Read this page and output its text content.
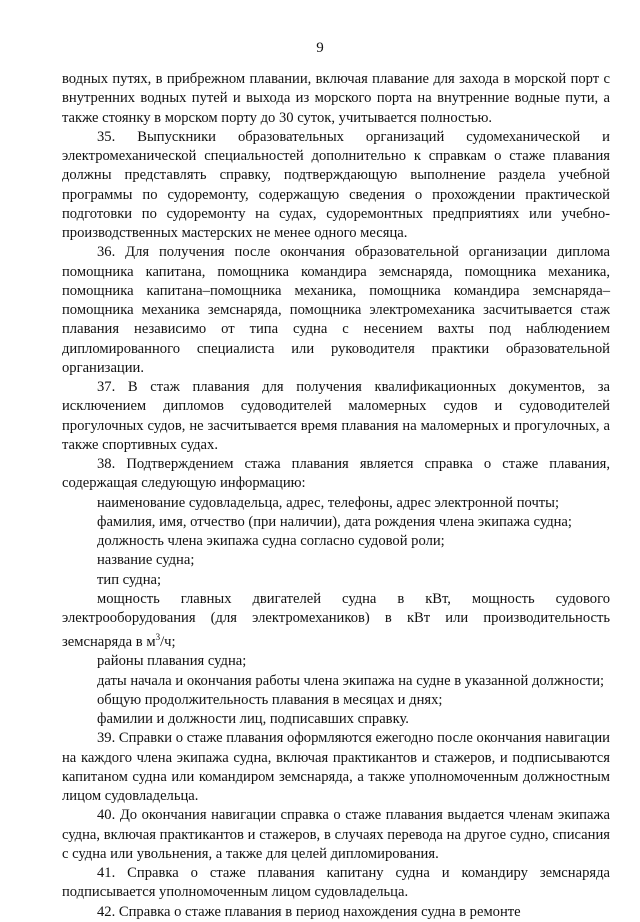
9

водных путях, в прибрежном плавании, включая плавание для захода в морской порт с внутренних водных путей и выхода из морского порта на внутренние водные пути, а также стоянку в морском порту до 30 суток, учитывается полностью.

35. Выпускники образовательных организаций судомеханической и электромеханической специальностей дополнительно к справкам о стаже плавания должны представлять справку, подтверждающую выполнение раздела учебной программы по судоремонту, содержащую сведения о прохождении практической подготовки по судоремонту на судах, судоремонтных предприятиях или учебно-производственных мастерских не менее одного месяца.

36. Для получения после окончания образовательной организации диплома помощника капитана, помощника командира земснаряда, помощника механика, помощника капитана–помощника механика, помощника командира земснаряда–помощника механика земснаряда, помощника электромеханика засчитывается стаж плавания независимо от типа судна с несением вахты под наблюдением дипломированного специалиста или руководителя практики образовательной организации.

37. В стаж плавания для получения квалификационных документов, за исключением дипломов судоводителей маломерных судов и судоводителей прогулочных судов, не засчитывается время плавания на маломерных и прогулочных, а также спортивных судах.

38. Подтверждением стажа плавания является справка о стаже плавания, содержащая следующую информацию:

наименование судовладельца, адрес, телефоны, адрес электронной почты;

фамилия, имя, отчество (при наличии), дата рождения члена экипажа судна;

должность члена экипажа судна согласно судовой роли;

название судна;

тип судна;

мощность главных двигателей судна в кВт, мощность судового электрооборудования (для электромехаников) в кВт или производительность земснаряда в $м^3/ч$;

районы плавания судна;

даты начала и окончания работы члена экипажа на судне в указанной должности;

общую продолжительность плавания в месяцах и днях;

фамилии и должности лиц, подписавших справку.

39. Справки о стаже плавания оформляются ежегодно после окончания навигации на каждого члена экипажа судна, включая практикантов и стажеров, и подписываются капитаном судна или командиром земснаряда, а также уполномоченным должностным лицом судовладельца.

40. До окончания навигации справка о стаже плавания выдается членам экипажа судна, включая практикантов и стажеров, в случаях перевода на другое судно, списания с судна или увольнения, а также для целей дипломирования.

41. Справка о стаже плавания капитану судна и командиру земснаряда подписывается уполномоченным лицом судовладельца.

42. Справка о стаже плавания в период нахождения судна в ремонте
